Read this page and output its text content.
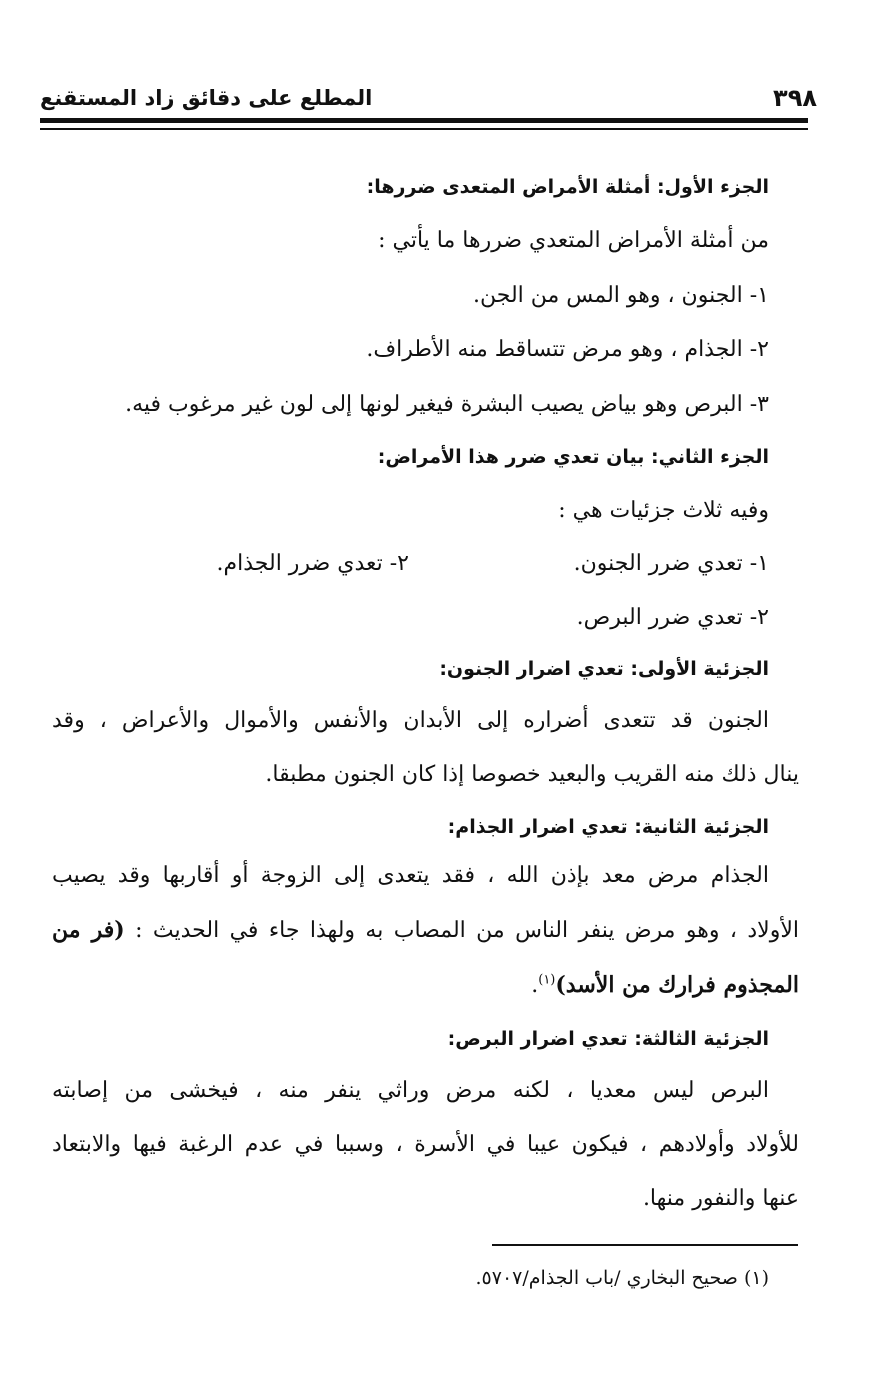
٣٩٨
المطلع على دقائق زاد المستقنع
الجزء الأول: أمثلة الأمراض المتعدى ضررها:
من أمثلة الأمراض المتعدي ضررها ما يأتي :
١- الجنون ، وهو المس من الجن.
٢- الجذام ، وهو مرض تتساقط منه الأطراف.
٣- البرص وهو بياض يصيب البشرة فيغير لونها إلى لون غير مرغوب فيه.
الجزء الثاني: بيان تعدي ضرر هذا الأمراض:
وفيه ثلاث جزئيات هي :
١- تعدي ضرر الجنون.
٢- تعدي ضرر الجذام.
٢- تعدي ضرر البرص.
الجزئية الأولى: تعدي اضرار الجنون:
الجنون قد تتعدى أضراره إلى الأبدان والأنفس والأموال والأعراض ، وقد
ينال ذلك منه القريب والبعيد خصوصا إذا كان الجنون مطبقا.
الجزئية الثانية: تعدي اضرار الجذام:
الجذام مرض معد بإذن الله ، فقد يتعدى إلى الزوجة أو أقاربها وقد يصيب
الأولاد ، وهو مرض ينفر الناس من المصاب به ولهذا جاء في الحديث : (فر من
المجذوم فرارك من الأسد)$^{(١)}$.
الجزئية الثالثة: تعدي اضرار البرص:
البرص ليس معديا ، لكنه مرض وراثي ينفر منه ، فيخشى من إصابته
للأولاد وأولادهم ، فيكون عيبا في الأسرة ، وسببا في عدم الرغبة فيها والابتعاد
عنها والنفور منها.
(١) صحيح البخاري /باب الجذام/٥٧٠٧.
